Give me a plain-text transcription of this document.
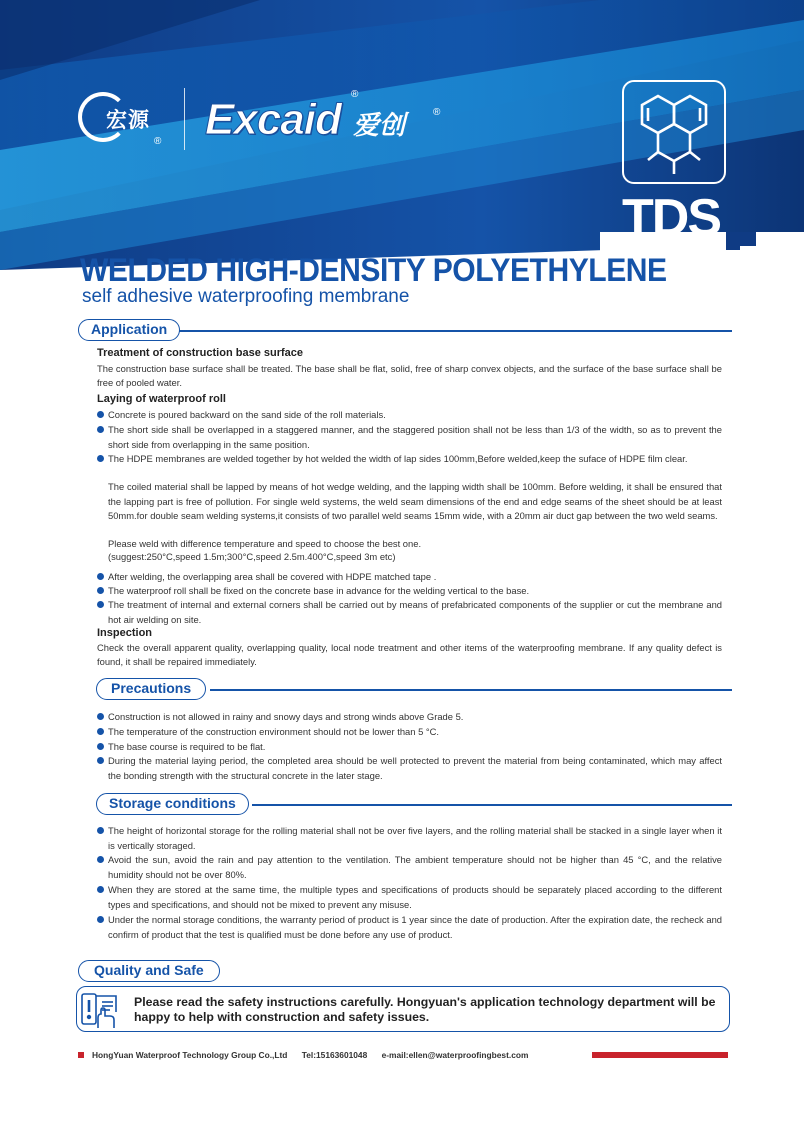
宏源
® Excaid
®
爱创	®
TDS
WELDED HIGH-DENSITY POLYETHYLENE
self adhesive waterproofing membrane
Application
Treatment of construction base surface
The construction base surface shall be treated. The base shall be flat, solid, free of sharp convex objects, and the surface of the base surface shall be free of pooled water.
Laying of waterproof roll
Concrete is poured backward on the sand side of the roll materials.
The short side shall be overlapped in a staggered manner, and the staggered position shall not be less than 1/3 of the width, so as to prevent the short side from overlapping in the same position.
The HDPE membranes are welded together by hot welded the width of lap sides 100mm,Before welded,keep the suface of HDPE film clear.
The coiled material shall be lapped by means of hot wedge welding, and the lapping width shall be 100mm. Before welding, it shall be ensured that the lapping part is free of pollution. For single weld systems, the weld seam dimensions of the end and edge seams of the sheet should be at least 50mm.for double seam welding systems,it consists of two parallel weld seams 15mm wide, with a 20mm air duct gap between the two weld seams.
Please weld with difference temperature and speed to choose the best one.
(suggest:250°C,speed 1.5m;300°C,speed 2.5m.400°C,speed 3m etc)
After welding, the overlapping area shall be covered with HDPE matched tape .
The waterproof roll shall be fixed on the concrete base in advance for the welding vertical to the base.
The treatment of internal and external corners shall be carried out by means of prefabricated components of the supplier or cut the membrane and hot air welding on site.
Inspection
Check the overall apparent quality, overlapping quality, local node treatment and other items of the waterproofing membrane. If any quality defect is found, it shall be repaired immediately.
Precautions
Construction is not allowed in rainy and snowy days and strong winds above Grade 5.
The temperature of the construction environment should not be lower than 5 °C.
The base course is required to be flat.
During the material laying period, the completed area should be well protected to prevent the material from being contaminated, which may affect the bonding strength with the structural concrete in the later stage.
Storage conditions
The height of horizontal storage for the rolling material shall not be over five layers, and the rolling material shall be stacked in a single layer when it is vertically storaged.
Avoid the sun, avoid the rain and pay attention to the ventilation. The ambient temperature should not be higher than 45 °C, and the relative humidity should not be over 80%.
When they are stored at the same time, the multiple types and specifications of products should be separately placed according to the different types and specifications, and should not be mixed to prevent any misuse.
Under the normal storage conditions, the warranty period of product is 1 year since the date of production. After the expiration date, the recheck and confirm of product that the test is qualified must be done before any use of product.
Quality and Safe
Please read the safety instructions carefully. Hongyuan's application technology department will be happy to help with construction and safety issues.
HongYuan Waterproof Technology Group Co.,Ltd Tel:15163601048 e-mail:ellen@waterproofingbest.com
